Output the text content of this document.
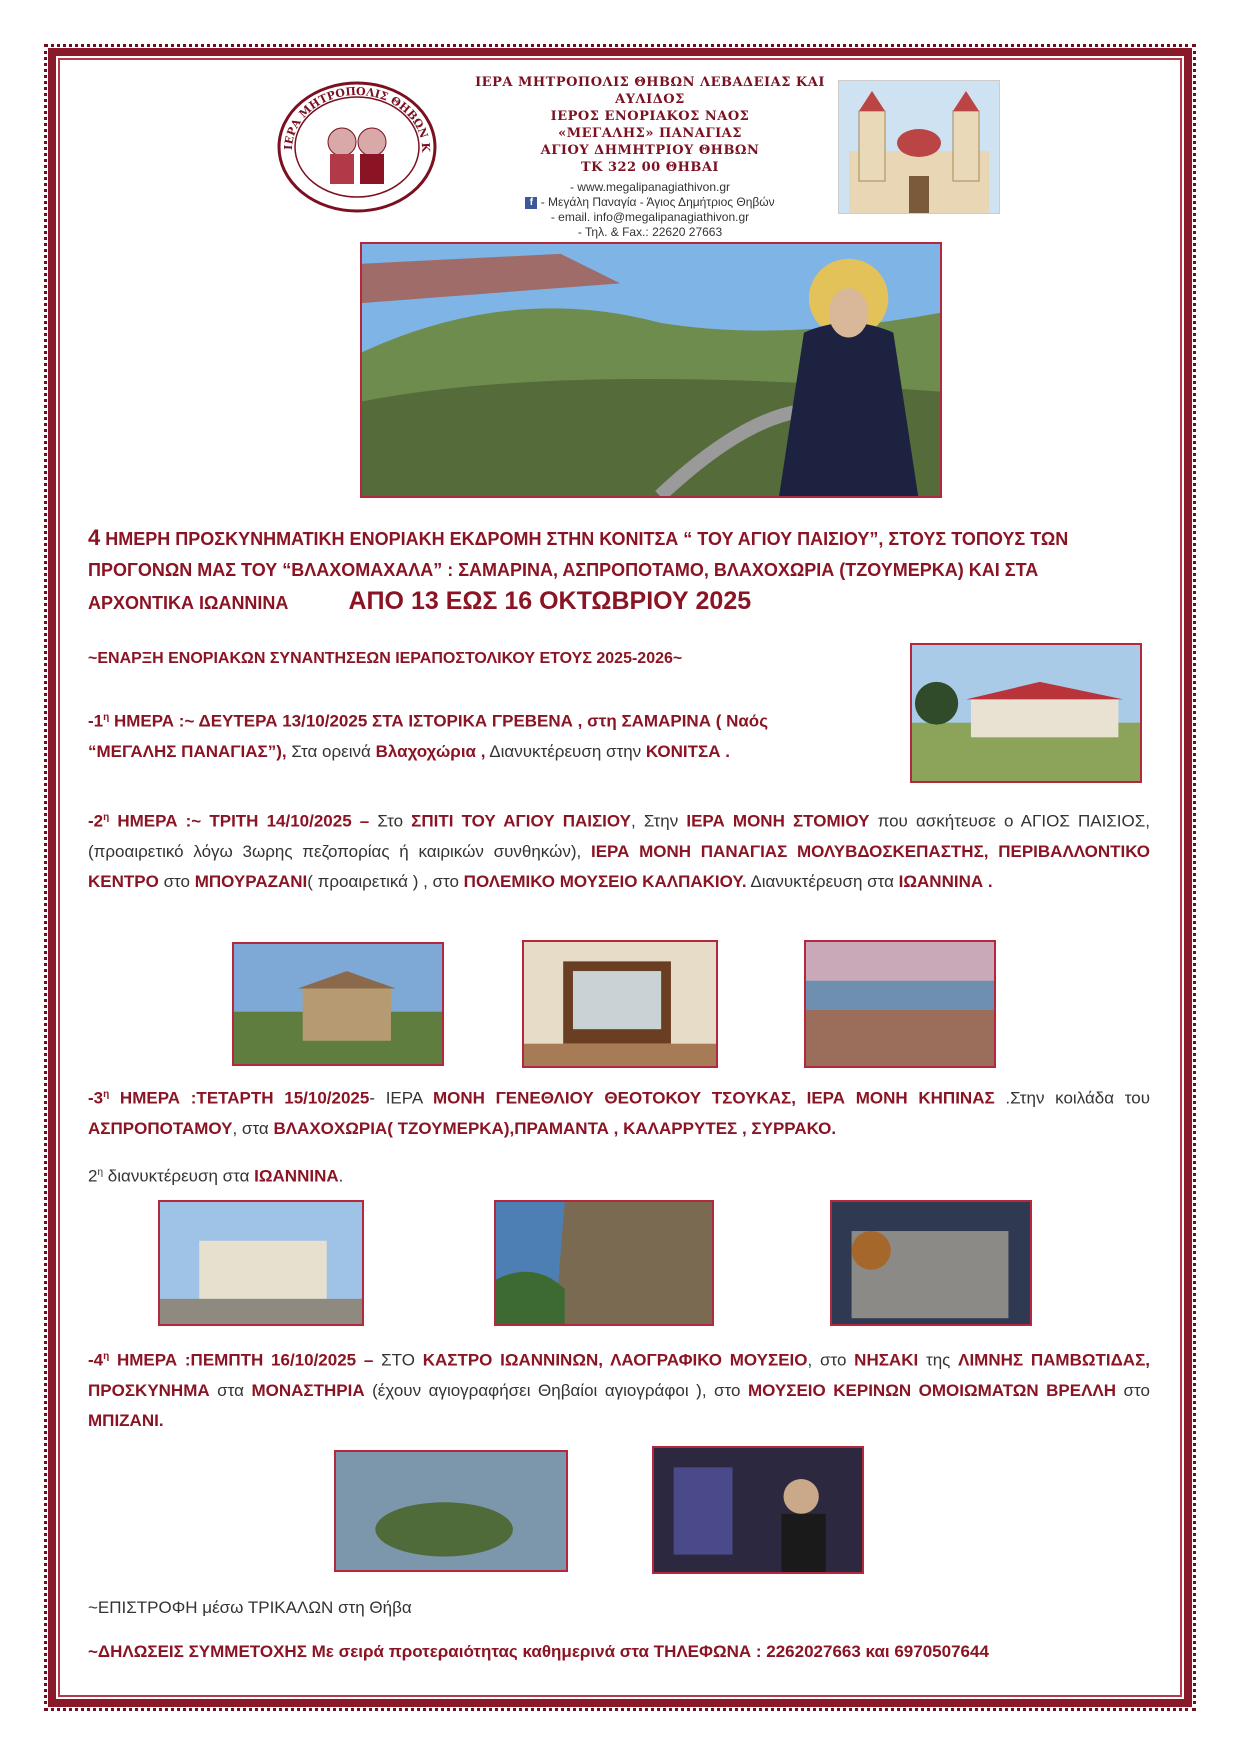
ΙΕΡΑ ΜΗΤΡΟΠΟΛΙΣ ΘΗΒΩΝ Κ
ΙΕΡΑ ΜΗΤΡΟΠΟΛΙΣ ΘΗΒΩΝ ΛΕΒΑΔΕΙΑΣ ΚΑΙ ΑΥΛΙΔΟΣ
ΙΕΡΟΣ ΕΝΟΡΙΑΚΟΣ ΝΑΟΣ
«ΜΕΓΑΛΗΣ» ΠΑΝΑΓΙΑΣ
ΑΓΙΟΥ ΔΗΜΗΤΡΙΟΥ ΘΗΒΩΝ
ΤΚ 322 00 ΘΗΒΑΙ
- www.megalipanagiathivon.gr
f - Μεγάλη Παναγία - Άγιος Δημήτριος Θηβών
- email. info@megalipanagiathivon.gr
- Τηλ. & Fax.: 22620 27663
4 ΗΜΕΡΗ ΠΡΟΣΚΥΝΗΜΑΤΙΚΗ ΕΝΟΡΙΑΚΗ ΕΚΔΡΟΜΗ ΣΤΗΝ ΚΟΝΙΤΣΑ “ ΤΟΥ ΑΓΙΟΥ ΠΑΙΣΙΟΥ”, ΣΤΟΥΣ ΤΟΠΟΥΣ ΤΩΝ
ΠΡΟΓΟΝΩΝ ΜΑΣ ΤΟΥ “ΒΛΑΧΟΜΑΧΑΛΑ” : ΣΑΜΑΡΙΝΑ, ΑΣΠΡΟΠΟΤΑΜΟ, ΒΛΑΧΟΧΩΡΙΑ (ΤΖΟΥΜΕΡΚΑ) ΚΑΙ ΣΤΑ
ΑΡΧΟΝΤΙΚΑ ΙΩΑΝΝΙΝΑ ΑΠΟ 13 ΕΩΣ 16 ΟΚΤΩΒΡΙΟΥ 2025
~ΕΝΑΡΞΗ ΕΝΟΡΙΑΚΩΝ ΣΥΝΑΝΤΗΣΕΩΝ ΙΕΡΑΠΟΣΤΟΛΙΚΟΥ ΕΤΟΥΣ 2025-2026~
$-1^\eta$ ΗΜΕΡΑ :~ ΔΕΥΤΕΡΑ 13/10/2025 ΣΤΑ ΙΣΤΟΡΙΚΑ ΓΡΕΒΕΝΑ , στη ΣΑΜΑΡΙΝΑ ( Ναός
“ΜΕΓΑΛΗΣ ΠΑΝΑΓΙΑΣ”), Στα ορεινά Βλαχοχώρια , Διανυκτέρευση στην ΚΟΝΙΤΣΑ .
$-2^\eta$ ΗΜΕΡΑ :~ ΤΡΙΤΗ 14/10/2025 – Στο ΣΠΙΤΙ ΤΟΥ ΑΓΙΟΥ ΠΑΙΣΙΟΥ, Στην ΙΕΡΑ ΜΟΝΗ ΣΤΟΜΙΟΥ που ασκήτευσε ο ΑΓΙΟΣ ΠΑΙΣΙΟΣ, (προαιρετικό λόγω 3ωρης πεζοπορίας ή καιρικών συνθηκών), ΙΕΡΑ ΜΟΝΗ ΠΑΝΑΓΙΑΣ ΜΟΛΥΒΔΟΣΚΕΠΑΣΤΗΣ, ΠΕΡΙΒΑΛΛΟΝΤΙΚΟ ΚΕΝΤΡΟ στο ΜΠΟΥΡΑΖΑΝΙ( προαιρετικά ) , στο ΠΟΛΕΜΙΚΟ ΜΟΥΣΕΙΟ ΚΑΛΠΑΚΙΟΥ. Διανυκτέρευση στα ΙΩΑΝΝΙΝΑ .
$-3^\eta$ ΗΜΕΡΑ :ΤΕΤΑΡΤΗ 15/10/2025- ΙΕΡΑ ΜΟΝΗ ΓΕΝΕΘΛΙΟΥ ΘΕΟΤΟΚΟΥ ΤΣΟΥΚΑΣ, ΙΕΡΑ ΜΟΝΗ ΚΗΠΙΝΑΣ .Στην κοιλάδα του ΑΣΠΡΟΠΟΤΑΜΟΥ, στα ΒΛΑΧΟΧΩΡΙΑ( ΤΖΟΥΜΕΡΚΑ),ΠΡΑΜΑΝΤΑ , ΚΑΛΑΡΡΥΤΕΣ , ΣΥΡΡΑΚΟ.
$2^\eta$ διανυκτέρευση στα ΙΩΑΝΝΙΝΑ.
$-4^\eta$ ΗΜΕΡΑ :ΠΕΜΠΤΗ 16/10/2025 – ΣΤΟ ΚΑΣΤΡΟ ΙΩΑΝΝΙΝΩΝ, ΛΑΟΓΡΑΦΙΚΟ ΜΟΥΣΕΙΟ, στο ΝΗΣΑΚΙ της ΛΙΜΝΗΣ ΠΑΜΒΩΤΙΔΑΣ, ΠΡΟΣΚΥΝΗΜΑ στα ΜΟΝΑΣΤΗΡΙΑ (έχουν αγιογραφήσει Θηβαίοι αγιογράφοι ), στο ΜΟΥΣΕΙΟ ΚΕΡΙΝΩΝ ΟΜΟΙΩΜΑΤΩΝ ΒΡΕΛΛΗ στο ΜΠΙΖΑΝΙ.
~ΕΠΙΣΤΡΟΦΗ μέσω ΤΡΙΚΑΛΩΝ στη Θήβα
~ΔΗΛΩΣΕΙΣ ΣΥΜΜΕΤΟΧΗΣ Με σειρά προτεραιότητας καθημερινά στα ΤΗΛΕΦΩΝΑ : 2262027663 και 6970507644
